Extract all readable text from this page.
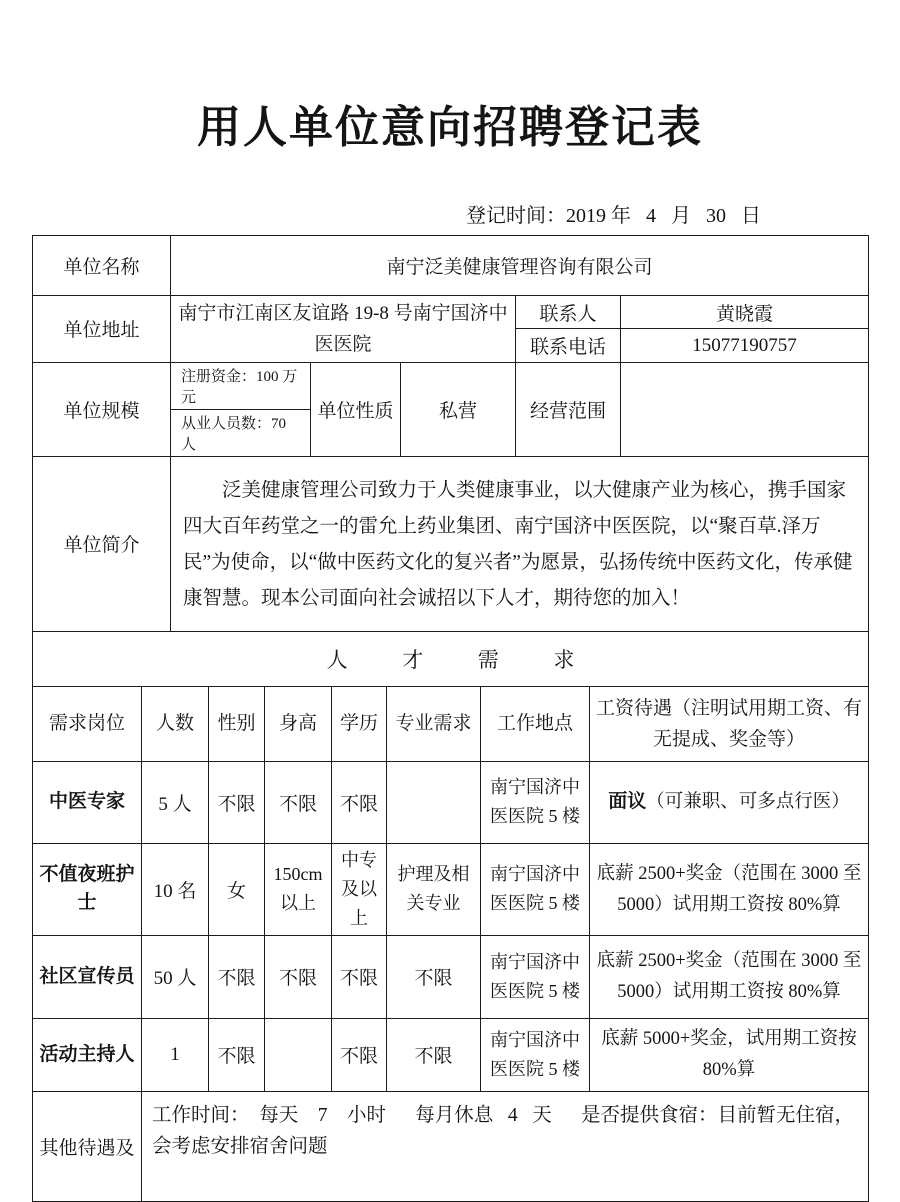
用人单位意向招聘登记表
登记时间：2019 年   4   月   30   日
单位名称	南宁泛美健康管理咨询有限公司				
单位地址	南宁市江南区友谊路 19-8 号南宁国济中医医院			联系人	黄晓霞
				联系电话	15077190757
单位规模	注册资金：100 万元	单位性质	私营	经营范围	
	从业人员数：70 人				
单位简介	泛美健康管理公司致力于人类健康事业，以大健康产业为核心，携手国家四大百年药堂之一的雷允上药业集团、南宁国济中医医院，以“聚百草.泽万民”为使命，以“做中医药文化的复兴者”为愿景，弘扬传统中医药文化，传承健康智慧。现本公司面向社会诚招以下人才，期待您的加入！				

人才需求					
需求岗位	人数	性别	身高	学历	专业需求	工作地点	工资待遇（注明试用期工资、有无提成、奖金等）
中医专家	5 人	不限	不限	不限		南宁国济中医医院 5 楼	面议（可兼职、可多点行医）
不值夜班护士	10 名	女	150cm 以上	中专及以上	护理及相关专业	南宁国济中医医院 5 楼	底薪 2500+奖金（范围在 3000 至 5000）试用期工资按 80%算
社区宣传员	50 人	不限	不限	不限	不限	南宁国济中医医院 5 楼	底薪 2500+奖金（范围在 3000 至 5000）试用期工资按 80%算
活动主持人	1	不限		不限	不限	南宁国济中医医院 5 楼	底薪 5000+奖金，试用期工资按 80%算
其他待遇及	工作时间：  每天    7    小时      每月休息   4   天      是否提供食宿：目前暂无住宿，会考虑安排宿舍问题						
